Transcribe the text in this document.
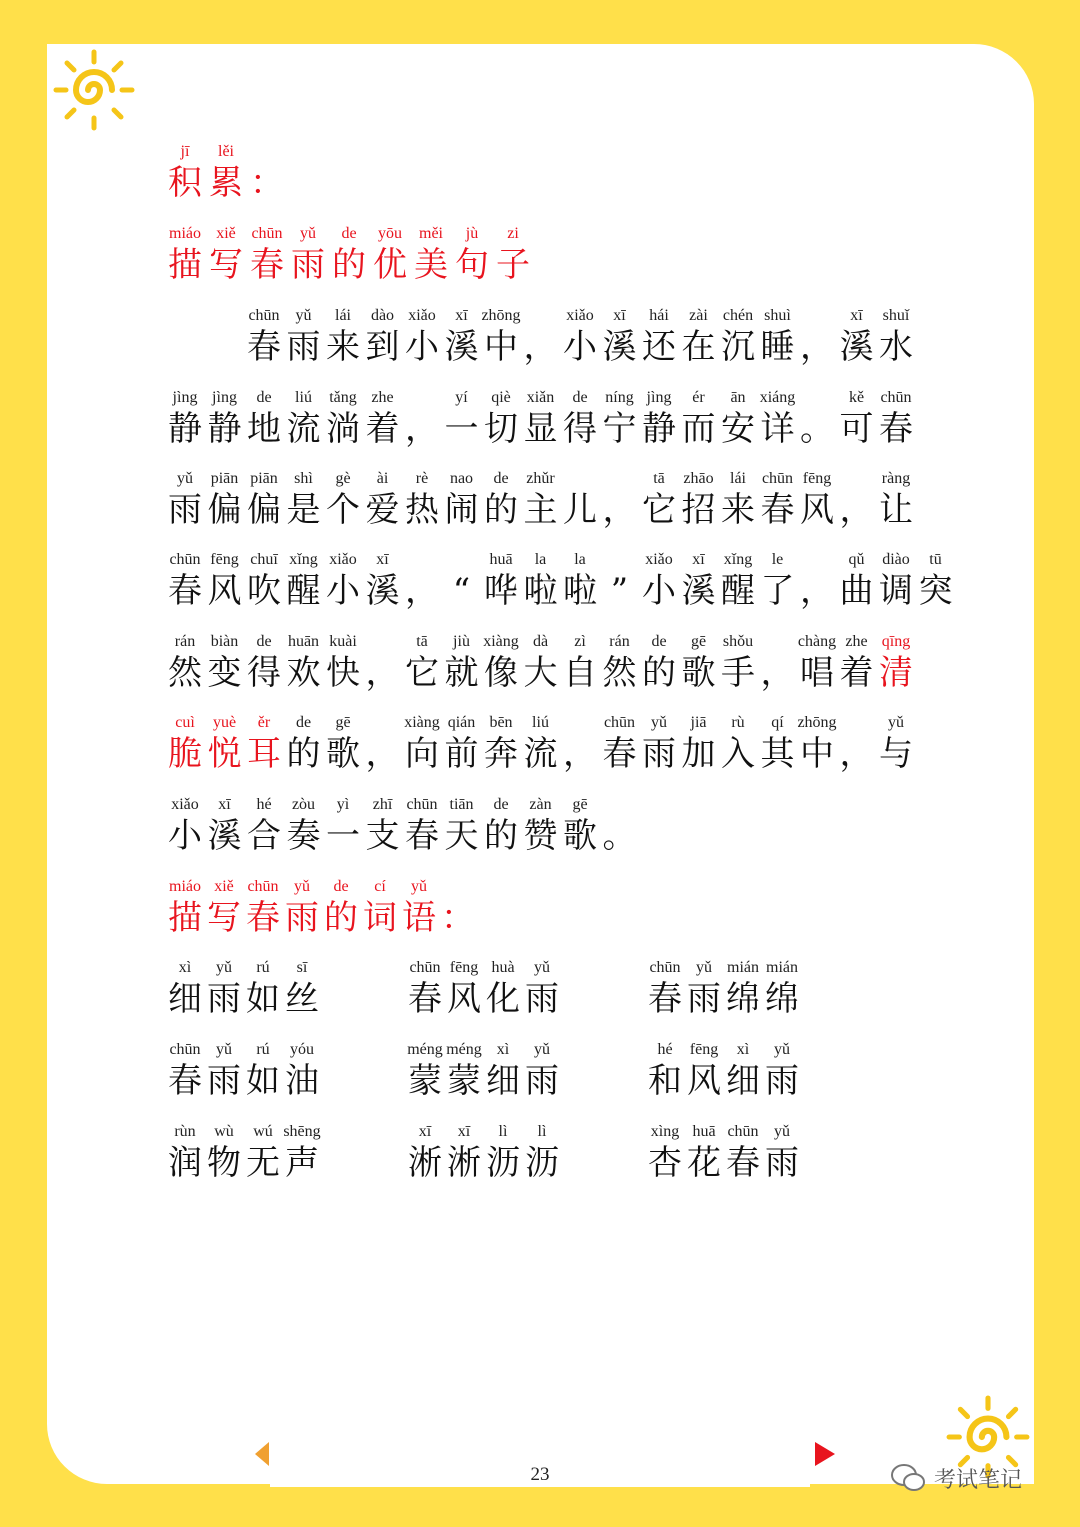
jī
积
lěi
累 ：
miáo
描
xiě
写
chūn
春
yǔ
雨
de
的
yōu
优
měi
美
jù
句
zi
子
chūn
春
yǔ
雨
lái
来
dào
到
xiǎo
小
xī
溪
zhōng
中 ，
xiǎo
小
xī
溪
hái
还
zài
在
chén
沉
shuì
睡 ，
xī
溪
shuǐ
水
jìng
静
jìng
静
de
地
liú
流
tǎng
淌
zhe
着 ，
yí
一
qiè
切
xiǎn
显
de
得
níng
宁
jìng
静
ér
而
ān
安
xiáng
详 。
kě
可
chūn
春
yǔ
雨
piān
偏
piān
偏
shì
是
gè
个
ài
爱
rè
热
nao
闹
de
的
zhǔr
主 儿 ，
tā
它
zhāo
招
lái
来
chūn
春
fēng
风 ，
ràng
让
chūn
春
fēng
风
chuī
吹
xǐng
醒
xiǎo
小
xī
溪 ， “
huā
哗
la
啦
la
啦 ”
xiǎo
小
xī
溪
xǐng
醒
le
了 ，
qǔ
曲
diào
调
tū
突
rán
然
biàn
变
de
得
huān
欢
kuài
快 ，
tā
它
jiù
就
xiàng
像
dà
大
zì
自
rán
然
de
的
gē
歌
shǒu
手 ，
chàng
唱
zhe
着
qīng
清
cuì
脆
yuè
悦
ěr
耳
de
的
gē
歌 ，
xiàng
向
qián
前
bēn
奔
liú
流 ，
chūn
春
yǔ
雨
jiā
加
rù
入
qí
其
zhōng
中 ，
yǔ
与
xiǎo
小
xī
溪
hé
合
zòu
奏
yì
一
zhī
支
chūn
春
tiān
天
de
的
zàn
赞
gē
歌 。
miáo
描
xiě
写
chūn
春
yǔ
雨
de
的
cí
词
yǔ
语 ：
xì
细
yǔ
雨
rú
如
sī
丝
chūn
春
fēng
风
huà
化
yǔ
雨
chūn
春
yǔ
雨
mián
绵
mián
绵
chūn
春
yǔ
雨
rú
如
yóu
油
méng
蒙
méng
蒙
xì
细
yǔ
雨
hé
和
fēng
风
xì
细
yǔ
雨
rùn
润
wù
物
wú
无
shēng
声
xī
淅
xī
淅
lì
沥
lì
沥
xìng
杏
huā
花
chūn
春
yǔ
雨
23	考试笔记
